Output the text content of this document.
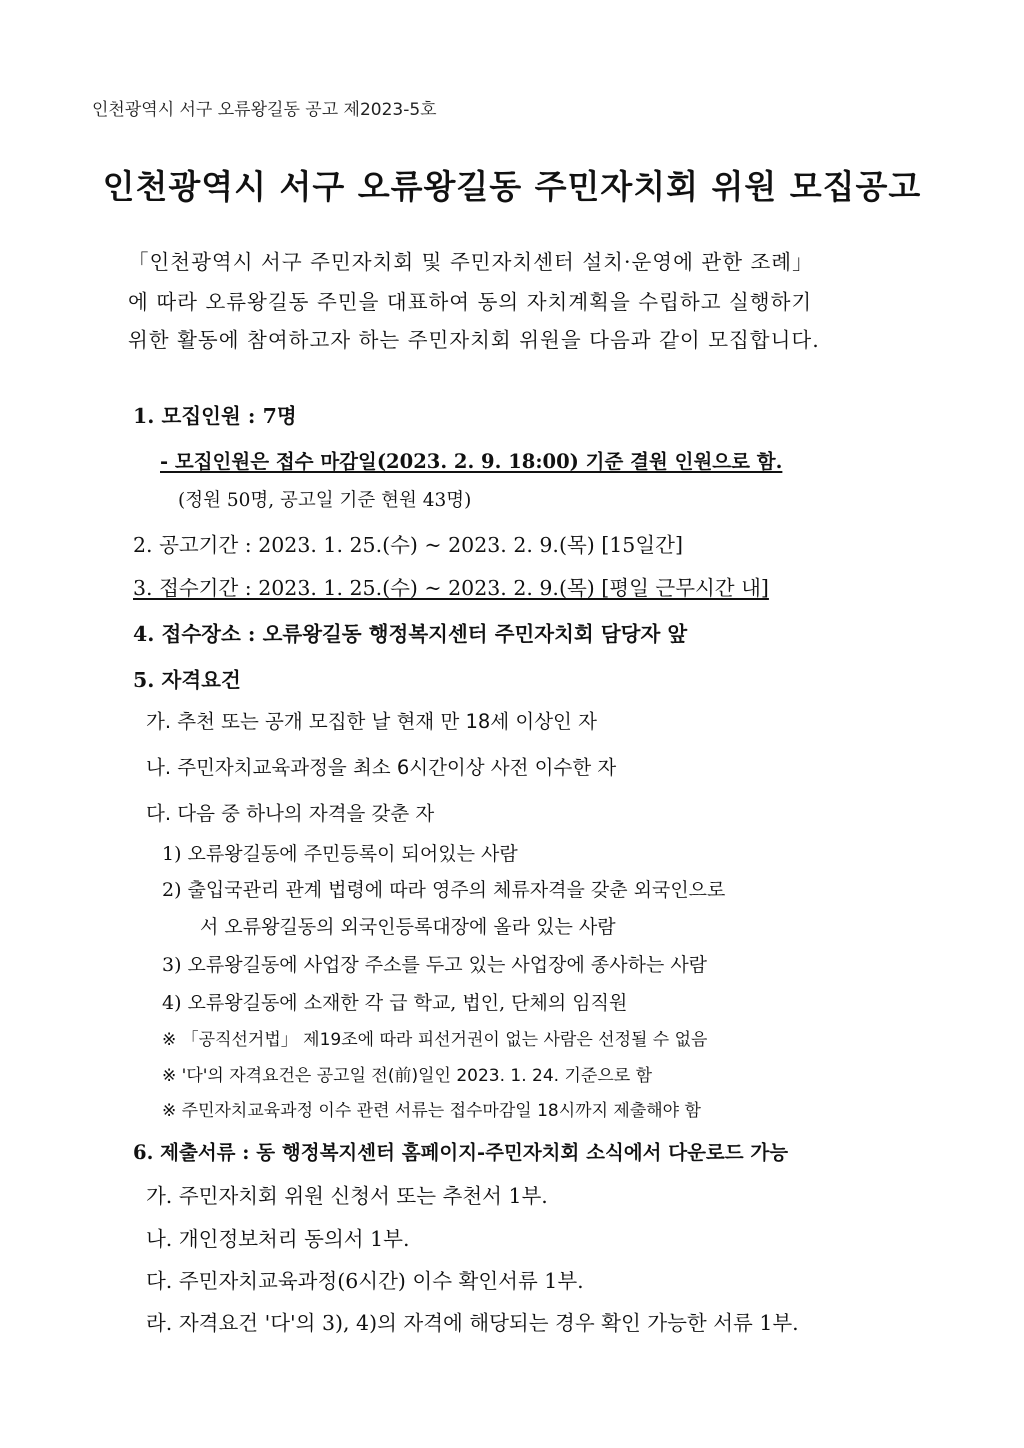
인천광역시 서구 오류왕길동 공고 제2023-5호
인천광역시 서구 오류왕길동 주민자치회 위원 모집공고
「인천광역시 서구 주민자치회 및 주민자치센터 설치·운영에 관한 조례」
에 따라 오류왕길동 주민을 대표하여 동의 자치계획을 수립하고 실행하기
위한 활동에 참여하고자 하는 주민자치회 위원을 다음과 같이 모집합니다.
1. 모집인원 : 7명
- 모집인원은 접수 마감일(2023. 2. 9. 18:00) 기준 결원 인원으로 함.
(정원 50명, 공고일 기준 현원 43명)
2. 공고기간 : 2023. 1. 25.(수) ~ 2023. 2. 9.(목) [15일간]
3. 접수기간 : 2023. 1. 25.(수) ~ 2023. 2. 9.(목) [평일 근무시간 내]
4. 접수장소 : 오류왕길동 행정복지센터 주민자치회 담당자 앞
5. 자격요건
가. 추천 또는 공개 모집한 날 현재 만 18세 이상인 자
나. 주민자치교육과정을 최소 6시간이상 사전 이수한 자
다. 다음 중 하나의 자격을 갖춘 자
1) 오류왕길동에 주민등록이 되어있는 사람
2) 출입국관리 관계 법령에 따라 영주의 체류자격을 갖춘 외국인으로
서 오류왕길동의 외국인등록대장에 올라 있는 사람
3) 오류왕길동에 사업장 주소를 두고 있는 사업장에 종사하는 사람
4) 오류왕길동에 소재한 각 급 학교, 법인, 단체의 임직원
※ 「공직선거법」 제19조에 따라 피선거권이 없는 사람은 선정될 수 없음
※ '다'의 자격요건은 공고일 전(前)일인 2023. 1. 24. 기준으로 함
※ 주민자치교육과정 이수 관련 서류는 접수마감일 18시까지 제출해야 함
6. 제출서류 : 동 행정복지센터 홈페이지-주민자치회 소식에서 다운로드 가능
가. 주민자치회 위원 신청서 또는 추천서 1부.
나. 개인정보처리 동의서 1부.
다. 주민자치교육과정(6시간) 이수 확인서류 1부.
라. 자격요건 '다'의 3), 4)의 자격에 해당되는 경우 확인 가능한 서류 1부.
